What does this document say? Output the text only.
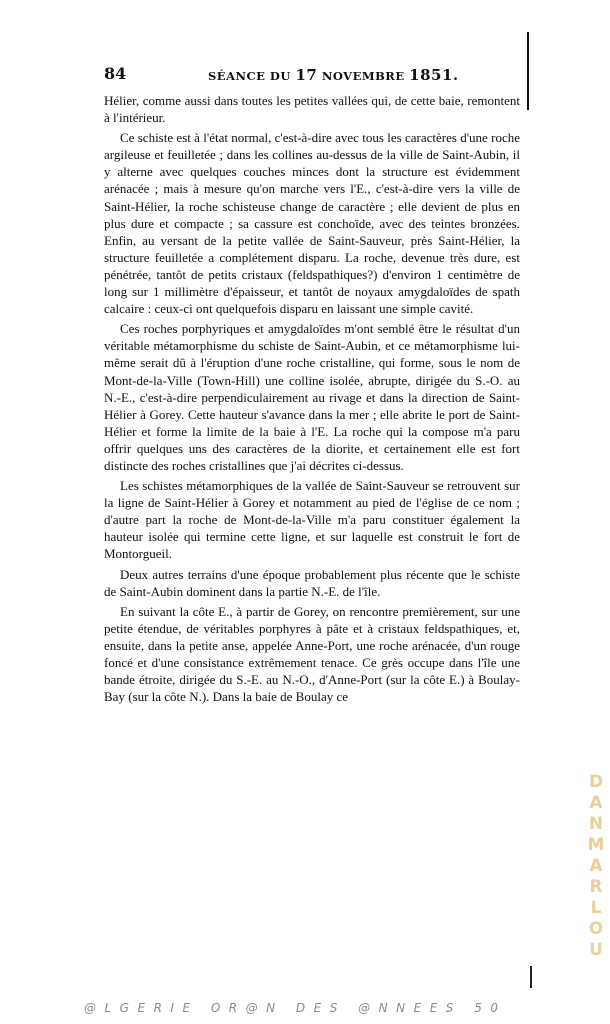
84	SÉANCE DU 17 NOVEMBRE 1851.

Hélier, comme aussi dans toutes les petites vallées qui, de cette baie, remontent à l'intérieur.

Ce schiste est à l'état normal, c'est-à-dire avec tous les caractères d'une roche argileuse et feuilletée ; dans les collines au-dessus de la ville de Saint-Aubin, il y alterne avec quelques couches minces dont la structure est évidemment arénacée ; mais à mesure qu'on marche vers l'E., c'est-à-dire vers la ville de Saint-Hélier, la roche schisteuse change de caractère ; elle devient de plus en plus dure et compacte ; sa cassure est conchoïde, avec des teintes bronzées. Enfin, au versant de la petite vallée de Saint-Sauveur, près Saint-Hélier, la structure feuilletée a complétement disparu. La roche, devenue très dure, est pénétrée, tantôt de petits cristaux (feldspathiques?) d'environ 1 centimètre de long sur 1 millimètre d'épaisseur, et tantôt de noyaux amygdaloïdes de spath calcaire : ceux-ci ont quelquefois disparu en laissant une simple cavité.

Ces roches porphyriques et amygdaloïdes m'ont semblé être le résultat d'un véritable métamorphisme du schiste de Saint-Aubin, et ce métamorphisme lui-même serait dû à l'éruption d'une roche cristalline, qui forme, sous le nom de Mont-de-la-Ville (Town-Hill) une colline isolée, abrupte, dirigée du S.-O. au N.-E., c'est-à-dire perpendiculairement au rivage et dans la direction de Saint-Hélier à Gorey. Cette hauteur s'avance dans la mer ; elle abrite le port de Saint-Hélier et forme la limite de la baie à l'E. La roche qui la compose m'a paru offrir quelques uns des caractères de la diorite, et certainement elle est fort distincte des roches cristallines que j'ai décrites ci-dessus.

Les schistes métamorphiques de la vallée de Saint-Sauveur se retrouvent sur la ligne de Saint-Hélier à Gorey et notamment au pied de l'église de ce nom ; d'autre part la roche de Mont-de-la-Ville m'a paru constituer également la hauteur isolée qui termine cette ligne, et sur laquelle est construit le fort de Montorgueil.

Deux autres terrains d'une époque probablement plus récente que le schiste de Saint-Aubin dominent dans la partie N.-E. de l'île.

En suivant la côte E., à partir de Gorey, on rencontre premièrement, sur une petite étendue, de véritables porphyres à pâte et à cristaux feldspathiques, et, ensuite, dans la petite anse, appelée Anne-Port, une roche arénacée, d'un rouge foncé et d'une consistance extrêmement tenace. Ce grès occupe dans l'île une bande étroite, dirigée du S.-E. au N.-O., d'Anne-Port (sur la côte E.) à Boulay-Bay (sur la côte N.). Dans la baie de Boulay ce

DANMARLOU
@LGERIE OR@N DES @NNEES 50
